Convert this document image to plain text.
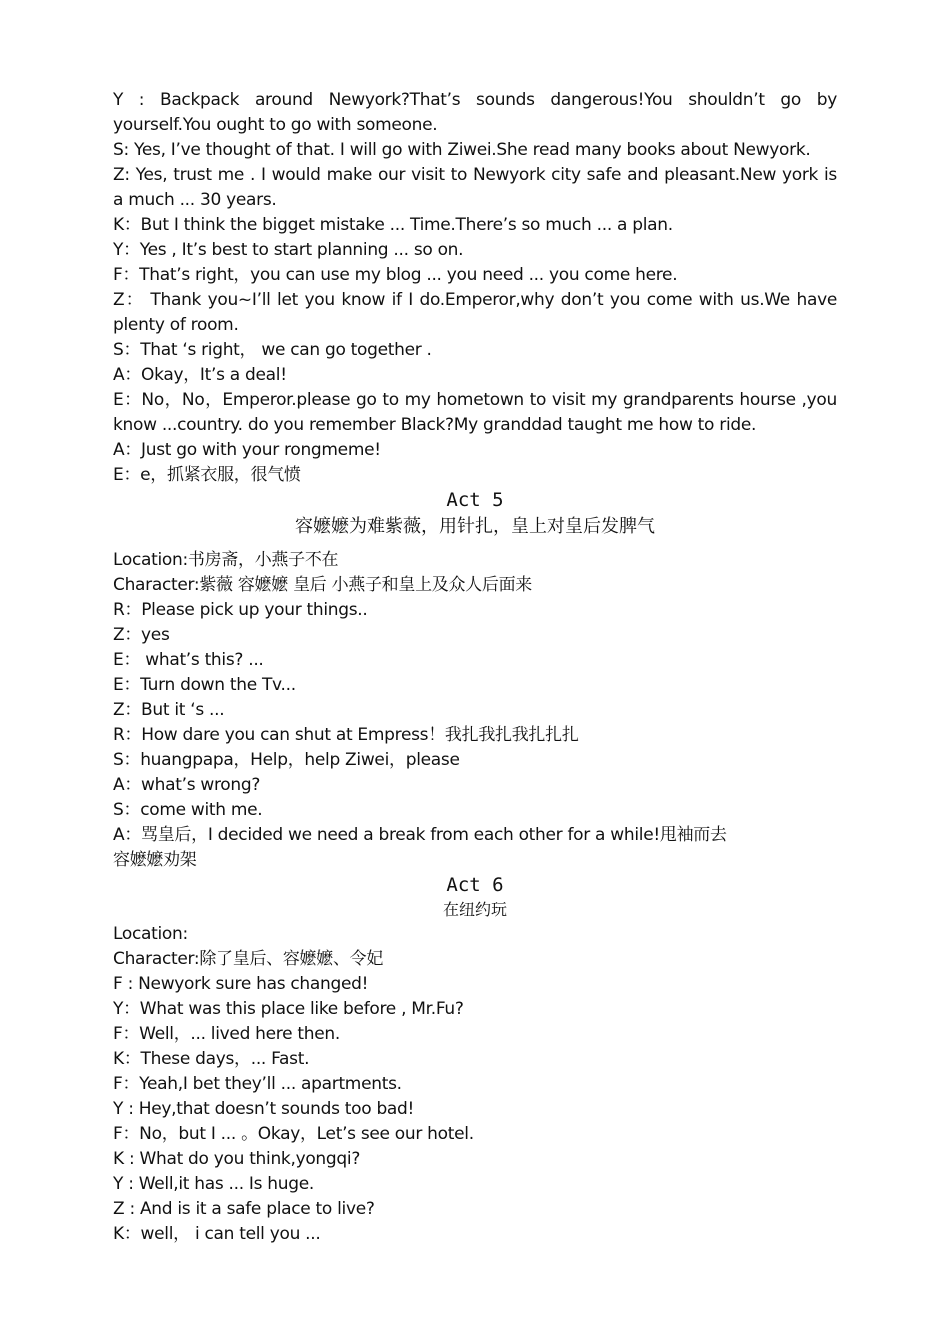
Y : Backpack around Newyork?That’s sounds dangerous!You shouldn’t go by yourself.You ought to go with someone.
S: Yes, I’ve thought of that. I will go with Ziwei.She read many books about Newyork.
Z: Yes, trust me . I would make our visit to Newyork city safe and pleasant.New york is a much ... 30 years.
K：But I think the bigget mistake ... Time.There’s so much ... a plan.
Y：Yes , It’s best to start planning ... so on.
F：That’s right，you can use my blog ... you need ... you come here.
Z： Thank you~I’ll let you know if I do.Emperor,why don’t you come with us.We have plenty of room.
S：That ‘s right， we can go together .
A：Okay，It’s a deal!
E：No，No，Emperor.please go to my hometown to visit my grandparents hourse ,you know ...country. do you remember Black?My granddad taught me how to ride.
A：Just go with your rongmeme!
E：e，抓紧衣服，很气愤
Act 5
容嬷嬷为难紫薇，用针扎，皇上对皇后发脾气
Location:书房斋，小燕子不在
Character:紫薇 容嬷嬷 皇后 小燕子和皇上及众人后面来
R：Please pick up your things..
Z：yes
E： what’s this? ...
E：Turn down the Tv...
Z：But it ‘s ...
R：How dare you can shut at Empress！我扎我扎我扎扎扎
S：huangpapa，Help，help Ziwei，please
A：what’s wrong?
S：come with me.
A：骂皇后，I decided we need a break from each other for a while!甩袖而去
容嬷嬷劝架
Act 6
在纽约玩
Location:
Character:除了皇后、容嬷嬷、令妃
F : Newyork sure has changed!
Y：What was this place like before , Mr.Fu?
F：Well，... lived here then.
K：These days，... Fast.
F：Yeah,I bet they’ll ... apartments.
Y : Hey,that doesn’t sounds too bad!
F：No，but I ... 。Okay，Let’s see our hotel.
K : What do you think,yongqi?
Y : Well,it has ... Is huge.
Z : And is it a safe place to live?
K：well， i can tell you ...
